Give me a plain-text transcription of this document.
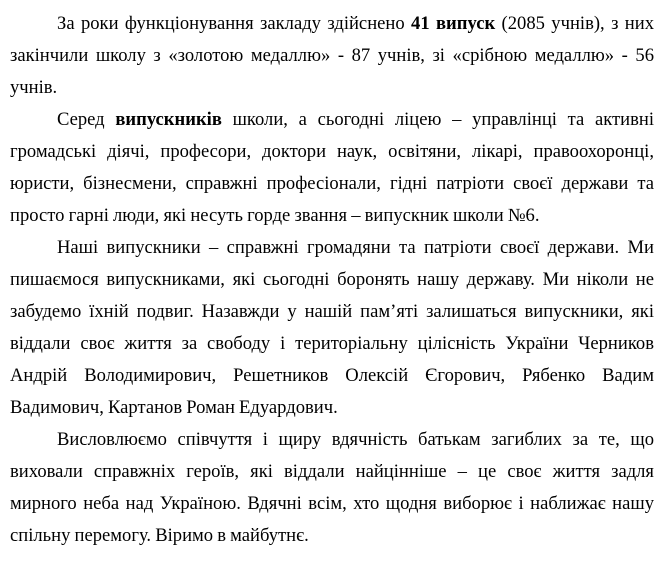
За роки функціонування закладу здійснено 41 випуск (2085 учнів), з них закінчили школу з «золотою медаллю» - 87 учнів, зі «срібною медаллю» - 56 учнів.

Серед випускників школи, а сьогодні ліцею – управлінці та активні громадські діячі, професори, доктори наук, освітяни, лікарі, правоохоронці, юристи, бізнесмени, справжні професіонали, гідні патріоти своєї держави та просто гарні люди, які несуть горде звання – випускник школи №6.

Наші випускники – справжні громадяни та патріоти своєї держави. Ми пишаємося випускниками, які сьогодні боронять нашу державу. Ми ніколи не забудемо їхній подвиг. Назавжди у нашій пам’яті залишаться випускники, які віддали своє життя за свободу і територіальну цілісність України Черников Андрій Володимирович, Решетников Олексій Єгорович, Рябенко Вадим Вадимович, Картанов Роман Едуардович.

Висловлюємо співчуття і щиру вдячність батькам загиблих за те, що виховали справжніх героїв, які віддали найцінніше – це своє життя задля мирного неба над Україною. Вдячні всім, хто щодня виборює і наближає нашу спільну перемогу. Віримо в майбутнє.
